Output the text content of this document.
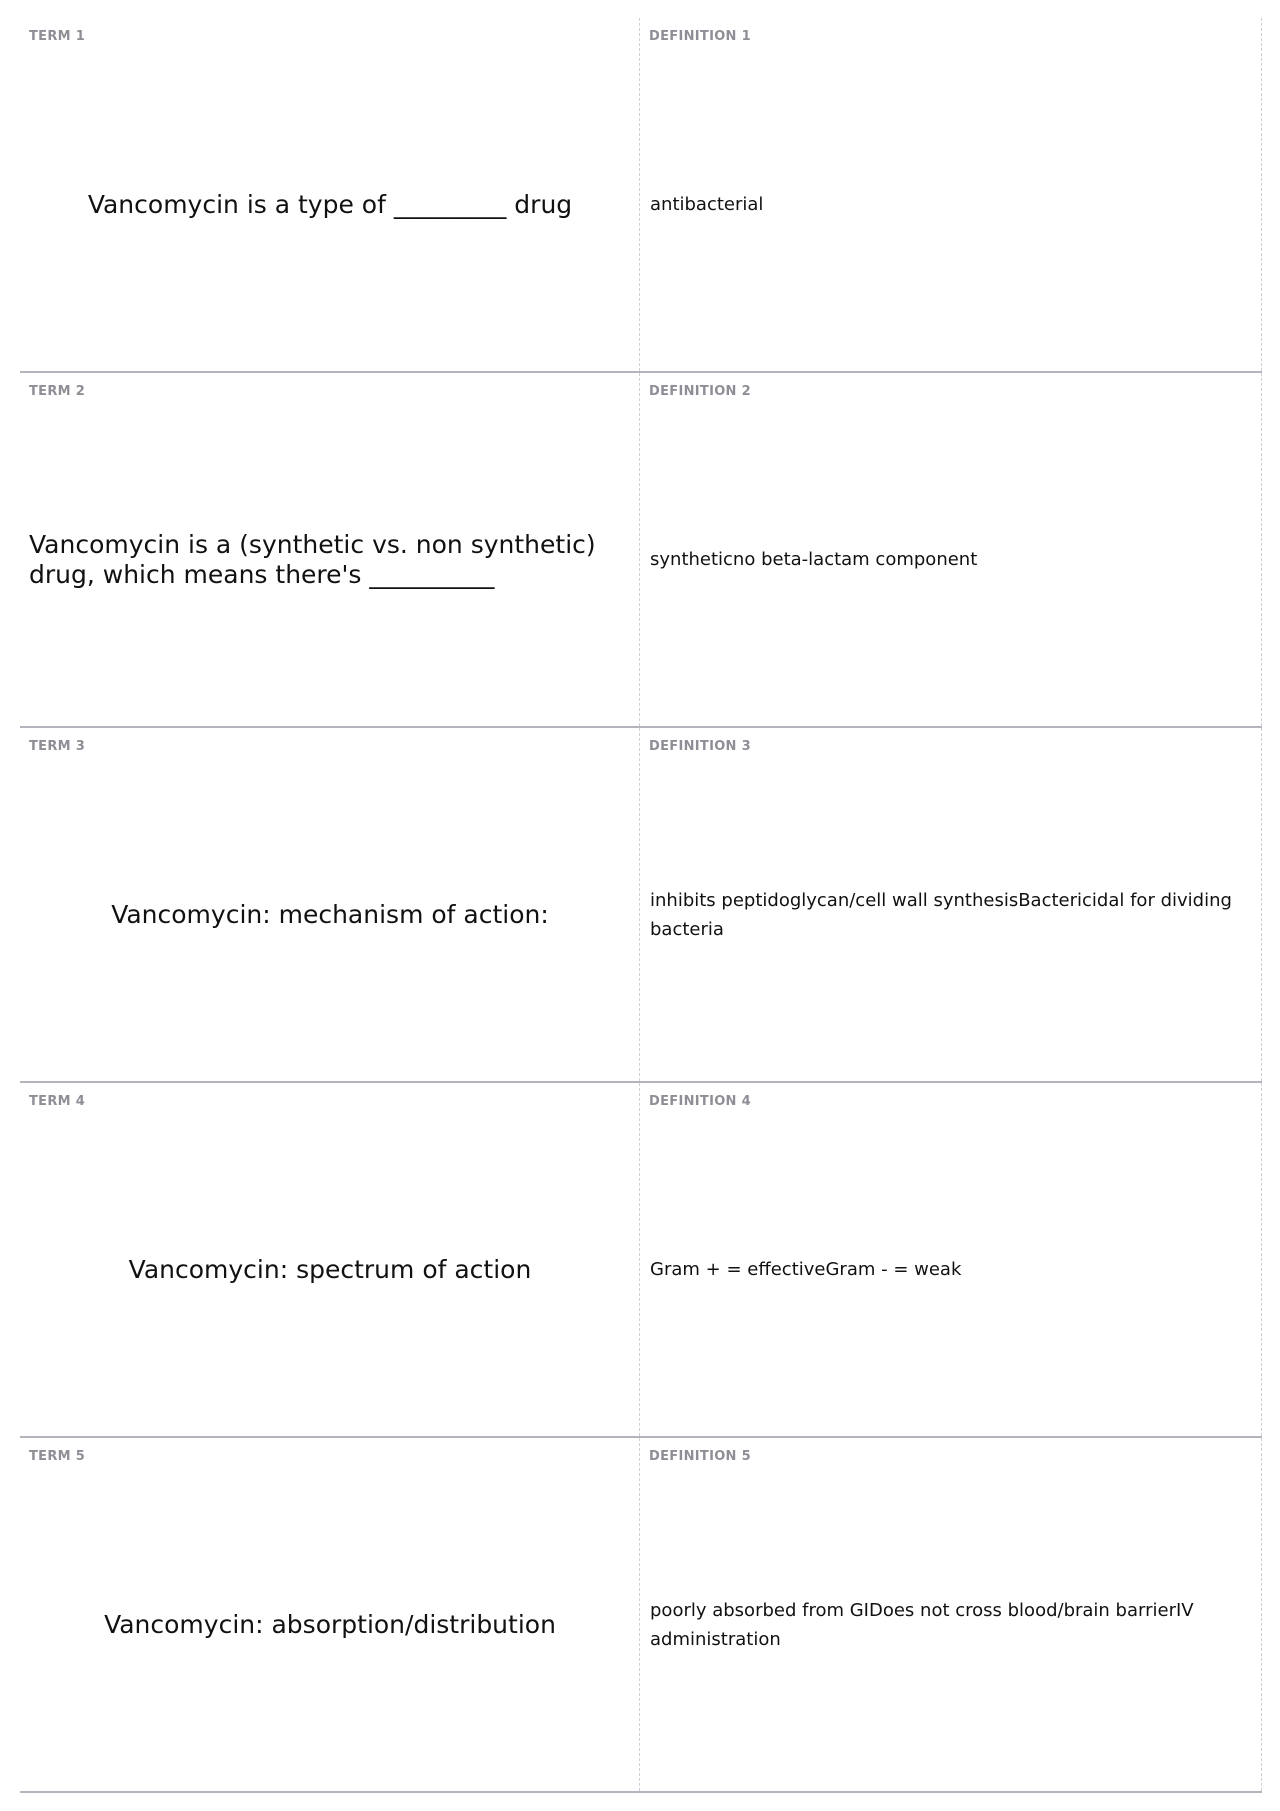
TERM 1
Vancomycin is a type of _________ drug
DEFINITION 1
antibacterial
TERM 2
Vancomycin is a (synthetic vs. non synthetic) drug, which means there's __________
DEFINITION 2
syntheticno beta-lactam component
TERM 3
Vancomycin: mechanism of action:
DEFINITION 3
inhibits peptidoglycan/cell wall synthesisBactericidal for dividing bacteria
TERM 4
Vancomycin: spectrum of action
DEFINITION 4
Gram + = effectiveGram - = weak
TERM 5
Vancomycin: absorption/distribution
DEFINITION 5
poorly absorbed from GIDoes not cross blood/brain barrierIV administration
